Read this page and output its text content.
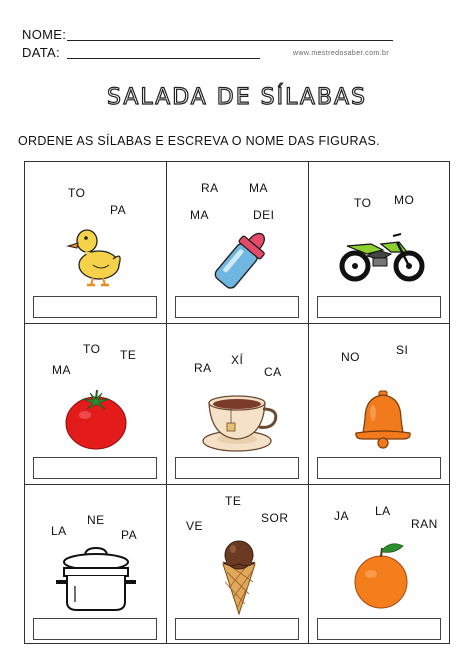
NOME:
DATA:	www.mestredosaber.com.br
SALADA DE SÍLABAS
ORDENE AS SÍLABAS E ESCREVA O NOME DAS FIGURAS.
TO
PA
RA	MA
MA	DEI
TO MO
TO TE
MA	RA
XÍ
CA
NO	SI
LA
NE
PA
VE
TE
SOR	JA LA
RAN
